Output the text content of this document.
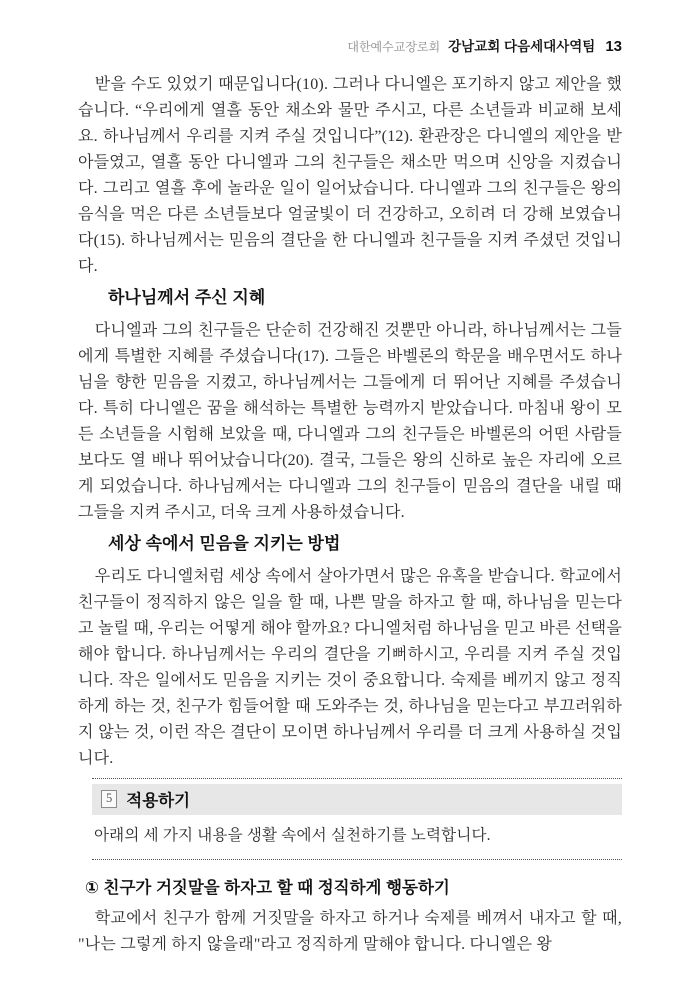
대한예수교장로회 강남교회 다음세대사역팀 13

받을 수도 있었기 때문입니다(10). 그러나 다니엘은 포기하지 않고 제안을 했습니다. “우리에게 열흘 동안 채소와 물만 주시고, 다른 소년들과 비교해 보세요. 하나님께서 우리를 지켜 주실 것입니다”(12). 환관장은 다니엘의 제안을 받아들였고, 열흘 동안 다니엘과 그의 친구들은 채소만 먹으며 신앙을 지켰습니다. 그리고 열흘 후에 놀라운 일이 일어났습니다. 다니엘과 그의 친구들은 왕의 음식을 먹은 다른 소년들보다 얼굴빛이 더 건강하고, 오히려 더 강해 보였습니다(15). 하나님께서는 믿음의 결단을 한 다니엘과 친구들을 지켜 주셨던 것입니다.

하나님께서 주신 지혜

다니엘과 그의 친구들은 단순히 건강해진 것뿐만 아니라, 하나님께서는 그들에게 특별한 지혜를 주셨습니다(17). 그들은 바벨론의 학문을 배우면서도 하나님을 향한 믿음을 지켰고, 하나님께서는 그들에게 더 뛰어난 지혜를 주셨습니다. 특히 다니엘은 꿈을 해석하는 특별한 능력까지 받았습니다. 마침내 왕이 모든 소년들을 시험해 보았을 때, 다니엘과 그의 친구들은 바벨론의 어떤 사람들보다도 열 배나 뛰어났습니다(20). 결국, 그들은 왕의 신하로 높은 자리에 오르게 되었습니다. 하나님께서는 다니엘과 그의 친구들이 믿음의 결단을 내릴 때 그들을 지켜 주시고, 더욱 크게 사용하셨습니다.

세상 속에서 믿음을 지키는 방법

우리도 다니엘처럼 세상 속에서 살아가면서 많은 유혹을 받습니다. 학교에서 친구들이 정직하지 않은 일을 할 때, 나쁜 말을 하자고 할 때, 하나님을 믿는다고 놀릴 때, 우리는 어떻게 해야 할까요? 다니엘처럼 하나님을 믿고 바른 선택을 해야 합니다. 하나님께서는 우리의 결단을 기뻐하시고, 우리를 지켜 주실 것입니다. 작은 일에서도 믿음을 지키는 것이 중요합니다. 숙제를 베끼지 않고 정직하게 하는 것, 친구가 힘들어할 때 도와주는 것, 하나님을 믿는다고 부끄러워하지 않는 것, 이런 작은 결단이 모이면 하나님께서 우리를 더 크게 사용하실 것입니다.

5 적용하기
아래의 세 가지 내용을 생활 속에서 실천하기를 노력합니다.
① 친구가 거짓말을 하자고 할 때 정직하게 행동하기

학교에서 친구가 함께 거짓말을 하자고 하거나 숙제를 베껴서 내자고 할 때, "나는 그렇게 하지 않을래"라고 정직하게 말해야 합니다. 다니엘은 왕
